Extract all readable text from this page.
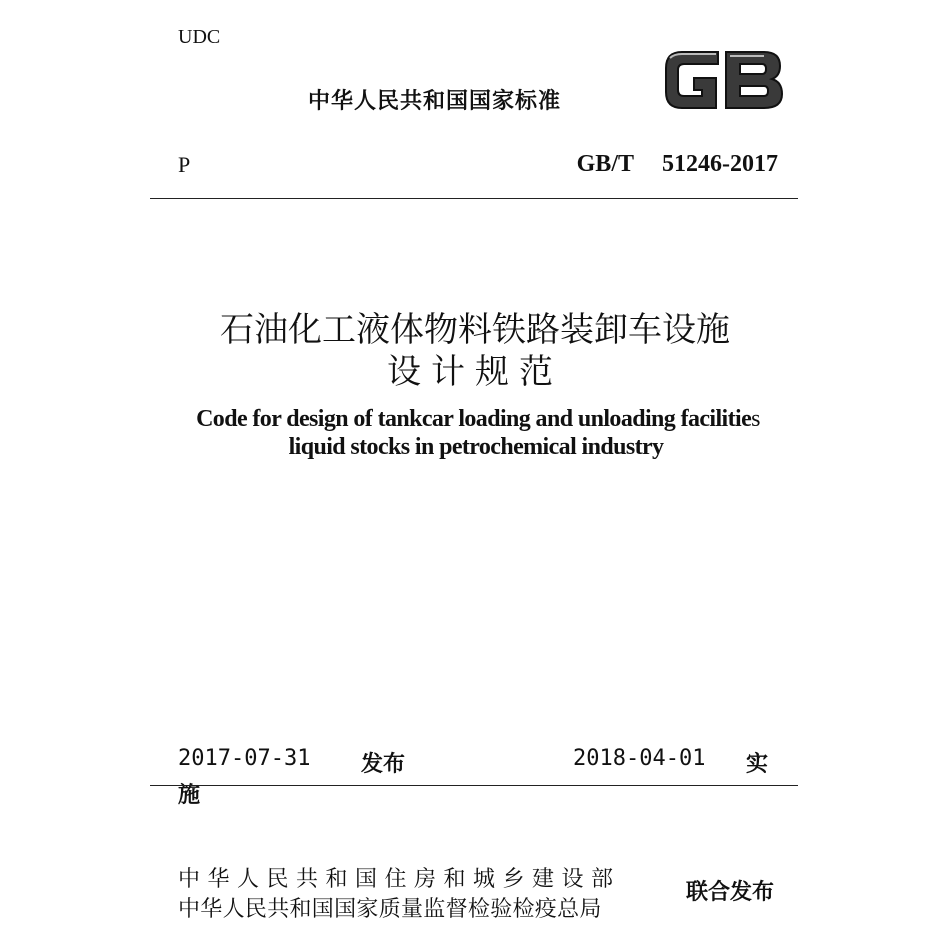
UDC
中华人民共和国国家标准
P	GB/T 51246-2017
石油化工液体物料铁路装卸车设施
设计规范
Code for design of tankcar loading and unloading facilities
liquid stocks in petrochemical industry
2017-07-31 发布	2018-04-01 实
施
中华人民共和国住房和城乡建设部
中华人民共和国国家质量监督检验检疫总局
联合发布
